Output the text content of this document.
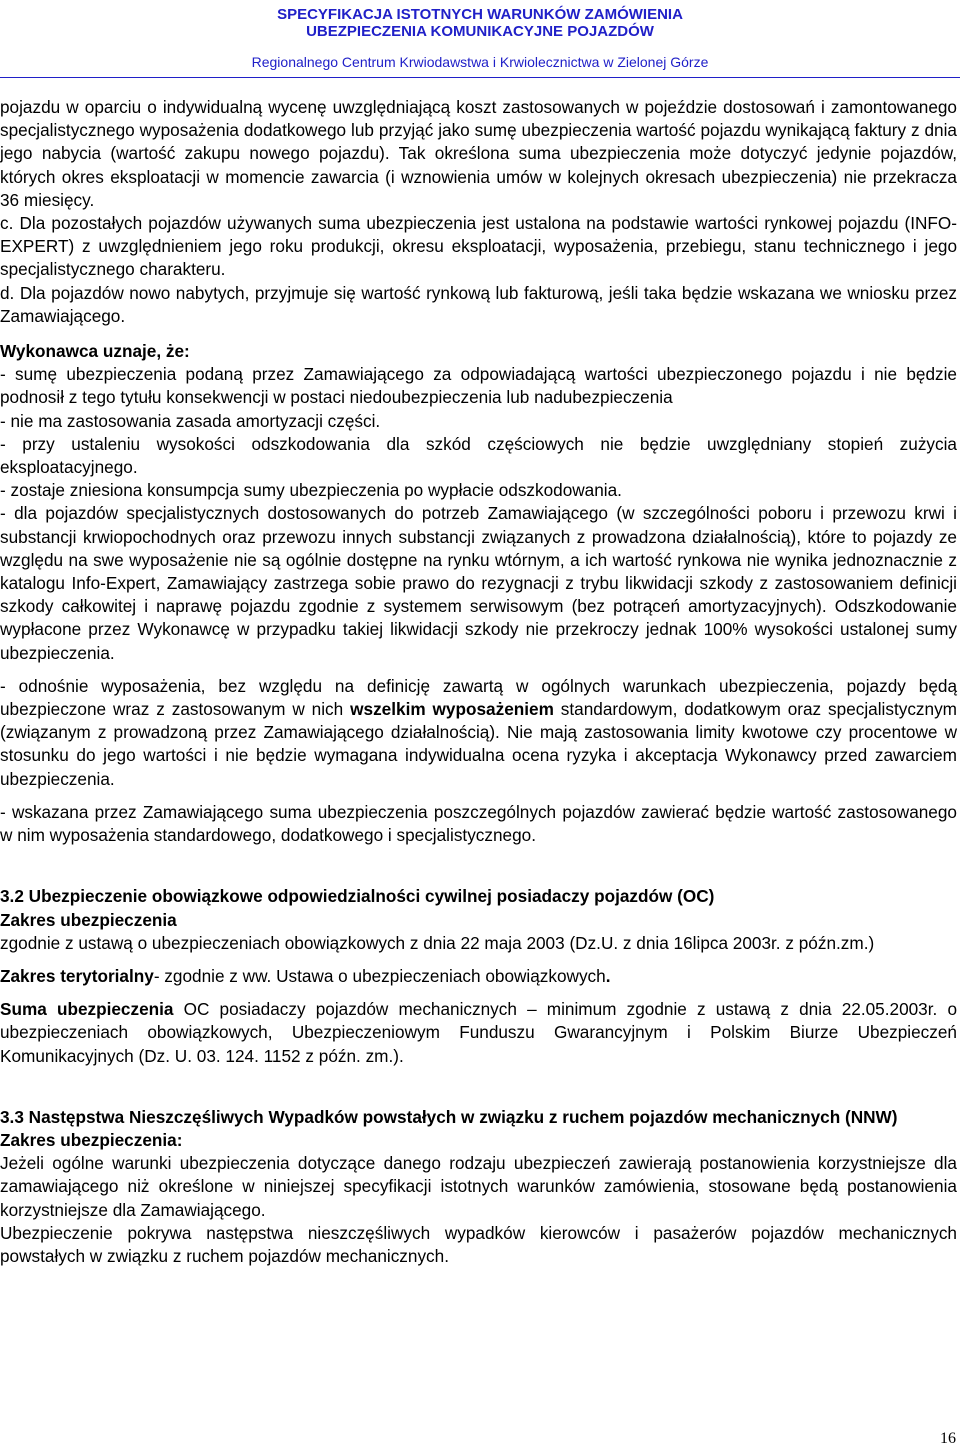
SPECYFIKACJA ISTOTNYCH WARUNKÓW ZAMÓWIENIA
UBEZPIECZENIA KOMUNIKACYJNE POJAZDÓW
Regionalnego Centrum Krwiodawstwa i Krwiolecznictwa w Zielonej Górze

pojazdu w oparciu o indywidualną wycenę uwzględniającą koszt zastosowanych w pojeździe dostosowań i zamontowanego specjalistycznego wyposażenia dodatkowego lub przyjąć jako sumę ubezpieczenia wartość pojazdu wynikającą faktury z dnia jego nabycia (wartość zakupu nowego pojazdu). Tak określona suma ubezpieczenia może dotyczyć jedynie pojazdów, których okres eksploatacji w momencie zawarcia (i wznowienia umów w kolejnych okresach ubezpieczenia) nie przekracza 36 miesięcy.

c. Dla pozostałych pojazdów używanych suma ubezpieczenia jest ustalona na podstawie wartości rynkowej pojazdu (INFO-EXPERT) z uwzględnieniem jego roku produkcji, okresu eksploatacji, wyposażenia, przebiegu, stanu technicznego i jego specjalistycznego charakteru.

d. Dla pojazdów nowo nabytych, przyjmuje się wartość rynkową lub fakturową, jeśli taka będzie wskazana we wniosku przez Zamawiającego.

Wykonawca uznaje, że:

- sumę ubezpieczenia podaną przez Zamawiającego za odpowiadającą wartości ubezpieczonego pojazdu i nie będzie podnosił z tego tytułu konsekwencji w postaci niedoubezpieczenia lub nadubezpieczenia

- nie ma zastosowania zasada amortyzacji części.

- przy ustaleniu wysokości odszkodowania dla szkód częściowych nie będzie uwzględniany stopień zużycia eksploatacyjnego.

- zostaje zniesiona konsumpcja sumy ubezpieczenia po wypłacie odszkodowania.

- dla pojazdów specjalistycznych dostosowanych do potrzeb Zamawiającego (w szczególności poboru i przewozu krwi i substancji krwiopochodnych oraz przewozu innych substancji związanych z prowadzona działalnością), które to pojazdy ze względu na swe wyposażenie nie są ogólnie dostępne na rynku wtórnym, a ich wartość rynkowa nie wynika jednoznacznie z katalogu Info-Expert, Zamawiający zastrzega sobie prawo do rezygnacji z trybu likwidacji szkody z zastosowaniem definicji szkody całkowitej i naprawę pojazdu zgodnie z systemem serwisowym (bez potrąceń amortyzacyjnych). Odszkodowanie wypłacone przez Wykonawcę w przypadku takiej likwidacji szkody nie przekroczy jednak 100% wysokości ustalonej sumy ubezpieczenia.

- odnośnie wyposażenia, bez względu na definicję zawartą w ogólnych warunkach ubezpieczenia, pojazdy będą ubezpieczone wraz z zastosowanym w nich wszelkim wyposażeniem standardowym, dodatkowym oraz specjalistycznym (związanym z prowadzoną przez Zamawiającego działalnością). Nie mają zastosowania limity kwotowe czy procentowe w stosunku do jego wartości i nie będzie wymagana indywidualna ocena ryzyka i akceptacja Wykonawcy przed zawarciem ubezpieczenia.

- wskazana przez Zamawiającego suma ubezpieczenia poszczególnych pojazdów zawierać będzie wartość zastosowanego w nim wyposażenia standardowego, dodatkowego i specjalistycznego.

3.2 Ubezpieczenie obowiązkowe odpowiedzialności cywilnej posiadaczy pojazdów (OC)

Zakres ubezpieczenia

zgodnie z ustawą o ubezpieczeniach obowiązkowych z dnia 22 maja 2003 (Dz.U. z dnia 16lipca 2003r. z późn.zm.)

Zakres terytorialny- zgodnie z ww. Ustawa o ubezpieczeniach obowiązkowych.

Suma ubezpieczenia OC posiadaczy pojazdów mechanicznych – minimum zgodnie z ustawą z dnia 22.05.2003r. o ubezpieczeniach obowiązkowych, Ubezpieczeniowym Funduszu Gwarancyjnym i Polskim Biurze Ubezpieczeń Komunikacyjnych (Dz. U. 03. 124. 1152 z późn. zm.).

3.3 Następstwa Nieszczęśliwych Wypadków powstałych w związku z ruchem pojazdów mechanicznych (NNW)

Zakres ubezpieczenia:

Jeżeli ogólne warunki ubezpieczenia dotyczące danego rodzaju ubezpieczeń zawierają postanowienia korzystniejsze dla zamawiającego niż określone w niniejszej specyfikacji istotnych warunków zamówienia, stosowane będą postanowienia korzystniejsze dla Zamawiającego.

Ubezpieczenie pokrywa następstwa nieszczęśliwych wypadków kierowców i pasażerów pojazdów mechanicznych powstałych w związku z ruchem pojazdów mechanicznych.

16
